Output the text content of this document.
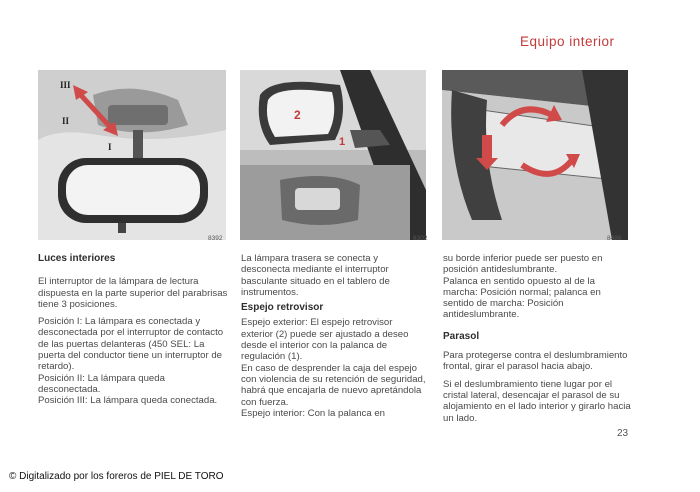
Equipo interior
III
II
I
8392
2
1
8302	8486
Luces interiores

El interruptor de la lámpara de lectura dispuesta en la parte superior del parabrisas tiene 3 posiciones.

Posición I: La lámpara es conectada y desconectada por el interruptor de contacto de las puertas delanteras (450 SEL: La puerta del conductor tiene un interruptor de retardo).

Posición II: La lámpara queda desconectada.

Posición III: La lámpara queda conectada.

La lámpara trasera se conecta y desconecta mediante el interruptor basculante situado en el tablero de instrumentos.

Espejo retrovisor

Espejo exterior: El espejo retrovisor exterior (2) puede ser ajustado a deseo desde el interior con la palanca de regulación (1).

En caso de desprender la caja del espejo con violencia de su retención de seguridad, habrá que encajarla de nuevo apretándola con fuerza.

Espejo interior: Con la palanca en

su borde inferior puede ser puesto en posición antideslumbrante.

Palanca en sentido opuesto al de la marcha: Posición normal; palanca en sentido de marcha: Posición antideslumbrante.

Parasol

Para protegerse contra el deslumbramiento frontal, girar el parasol hacia abajo.

Si el deslumbramiento tiene lugar por el cristal lateral, desencajar el parasol de su alojamiento en el lado interior y girarlo hacia un lado.

23
© Digitalizado por los foreros de PIEL DE TORO
